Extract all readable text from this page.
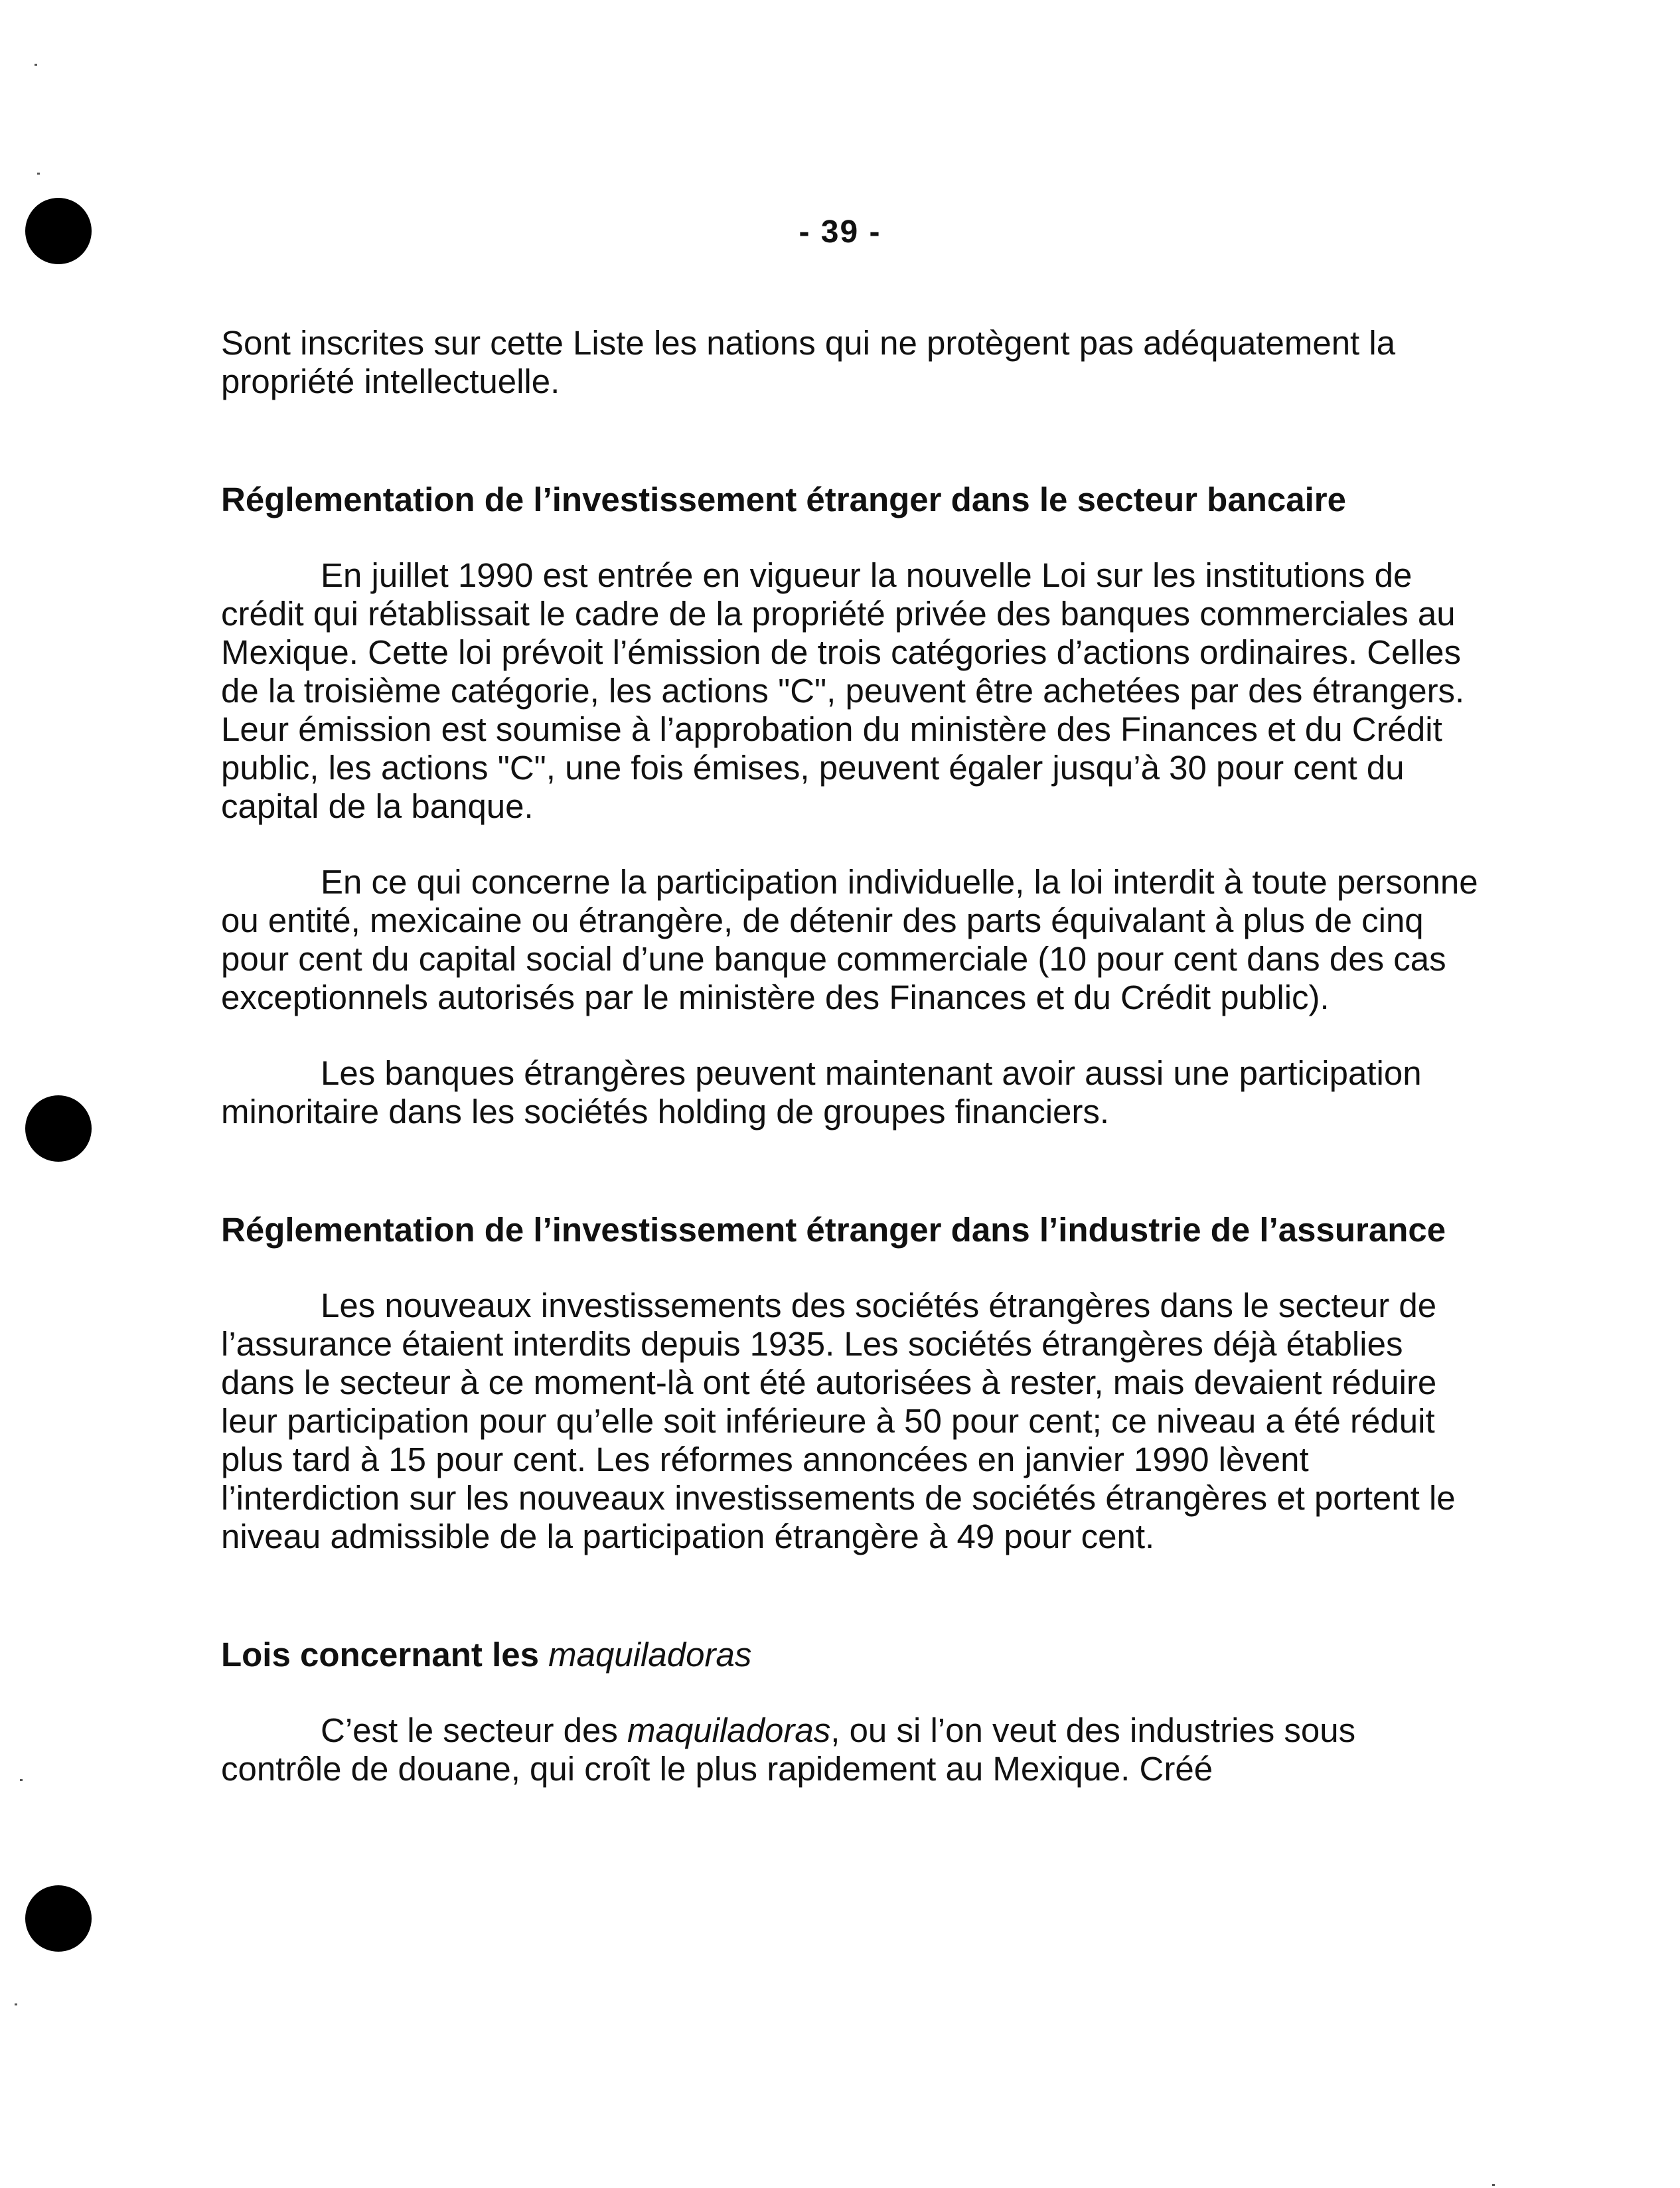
- 39 -

Sont inscrites sur cette Liste les nations qui ne protègent pas adéquatement la propriété intellectuelle.

Réglementation de l’investissement étranger dans le secteur bancaire

En juillet 1990 est entrée en vigueur la nouvelle Loi sur les institutions de crédit qui rétablissait le cadre de la propriété privée des banques commerciales au Mexique. Cette loi prévoit l’émission de trois catégories d’actions ordinaires. Celles de la troisième catégorie, les actions "C", peuvent être achetées par des étrangers. Leur émission est soumise à l’approbation du ministère des Finances et du Crédit public, les actions "C", une fois émises, peuvent égaler jusqu’à 30 pour cent du capital de la banque.

En ce qui concerne la participation individuelle, la loi interdit à toute personne ou entité, mexicaine ou étrangère, de détenir des parts équivalant à plus de cinq pour cent du capital social d’une banque commerciale (10 pour cent dans des cas exceptionnels autorisés par le ministère des Finances et du Crédit public).

Les banques étrangères peuvent maintenant avoir aussi une participation minoritaire dans les sociétés holding de groupes financiers.

Réglementation de l’investissement étranger dans l’industrie de l’assurance

Les nouveaux investissements des sociétés étrangères dans le secteur de l’assurance étaient interdits depuis 1935. Les sociétés étrangères déjà établies dans le secteur à ce moment-là ont été autorisées à rester, mais devaient réduire leur participation pour qu’elle soit inférieure à 50 pour cent; ce niveau a été réduit plus tard à 15 pour cent. Les réformes annoncées en janvier 1990 lèvent l’interdiction sur les nouveaux investissements de sociétés étrangères et portent le niveau admissible de la participation étrangère à 49 pour cent.

Lois concernant les maquiladoras

C’est le secteur des maquiladoras, ou si l’on veut des industries sous contrôle de douane, qui croît le plus rapidement au Mexique. Créé
